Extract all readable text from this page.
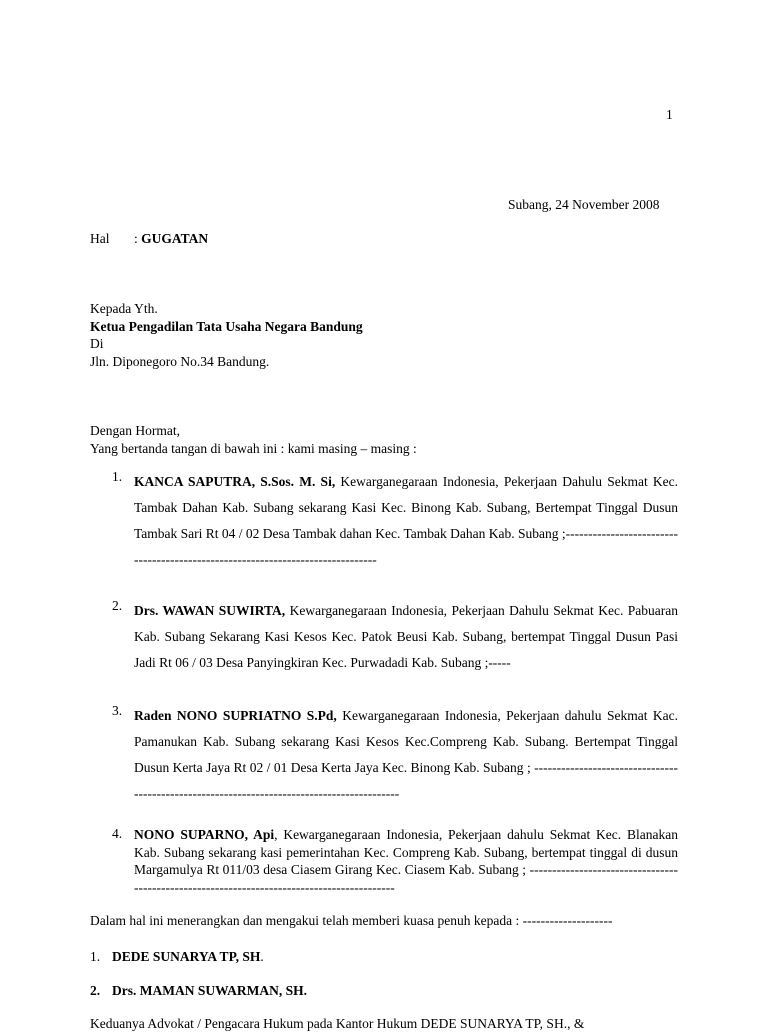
1
Subang, 24 November 2008
Hal : GUGATAN
Kepada Yth.
Ketua Pengadilan Tata Usaha Negara Bandung
Di
Jln. Diponegoro No.34 Bandung.
Dengan Hormat,
Yang bertanda tangan di bawah ini : kami masing – masing :
1. KANCA SAPUTRA, S.Sos. M. Si, Kewarganegaraan Indonesia, Pekerjaan Dahulu Sekmat Kec. Tambak Dahan Kab. Subang sekarang Kasi Kec. Binong Kab. Subang, Bertempat Tinggal Dusun Tambak Sari Rt 04 / 02 Desa Tambak dahan Kec. Tambak Dahan Kab. Subang ;-------------------------------------------------------------------------------
2. Drs. WAWAN SUWIRTA, Kewarganegaraan Indonesia, Pekerjaan Dahulu Sekmat Kec. Pabuaran Kab. Subang Sekarang Kasi Kesos Kec. Patok Beusi Kab. Subang, bertempat Tinggal Dusun Pasi Jadi Rt 06 / 03 Desa Panyingkiran Kec. Purwadadi Kab. Subang ;-----
3. Raden NONO SUPRIATNO S.Pd, Kewarganegaraan Indonesia, Pekerjaan dahulu Sekmat Kac. Pamanukan Kab. Subang sekarang Kasi Kesos Kec.Compreng Kab. Subang. Bertempat Tinggal Dusun Kerta Jaya Rt 02 / 01 Desa Kerta Jaya Kec. Binong Kab. Subang ; -------------------------------------------------------------------------------------------
4. NONO SUPARNO, Api, Kewarganegaraan Indonesia, Pekerjaan dahulu Sekmat Kec. Blanakan Kab. Subang sekarang kasi pemerintahan Kec. Compreng Kab. Subang, bertempat tinggal di dusun Margamulya Rt 011/03 desa Ciasem Girang Kec. Ciasem Kab. Subang ; -------------------------------------------------------------------------------------------
Dalam hal ini menerangkan dan mengakui telah memberi kuasa penuh kepada : --------------------
1. DEDE SUNARYA TP, SH.
2. Drs. MAMAN SUWARMAN, SH.
Keduanya Advokat / Pengacara Hukum pada Kantor Hukum DEDE SUNARYA TP, SH., &
